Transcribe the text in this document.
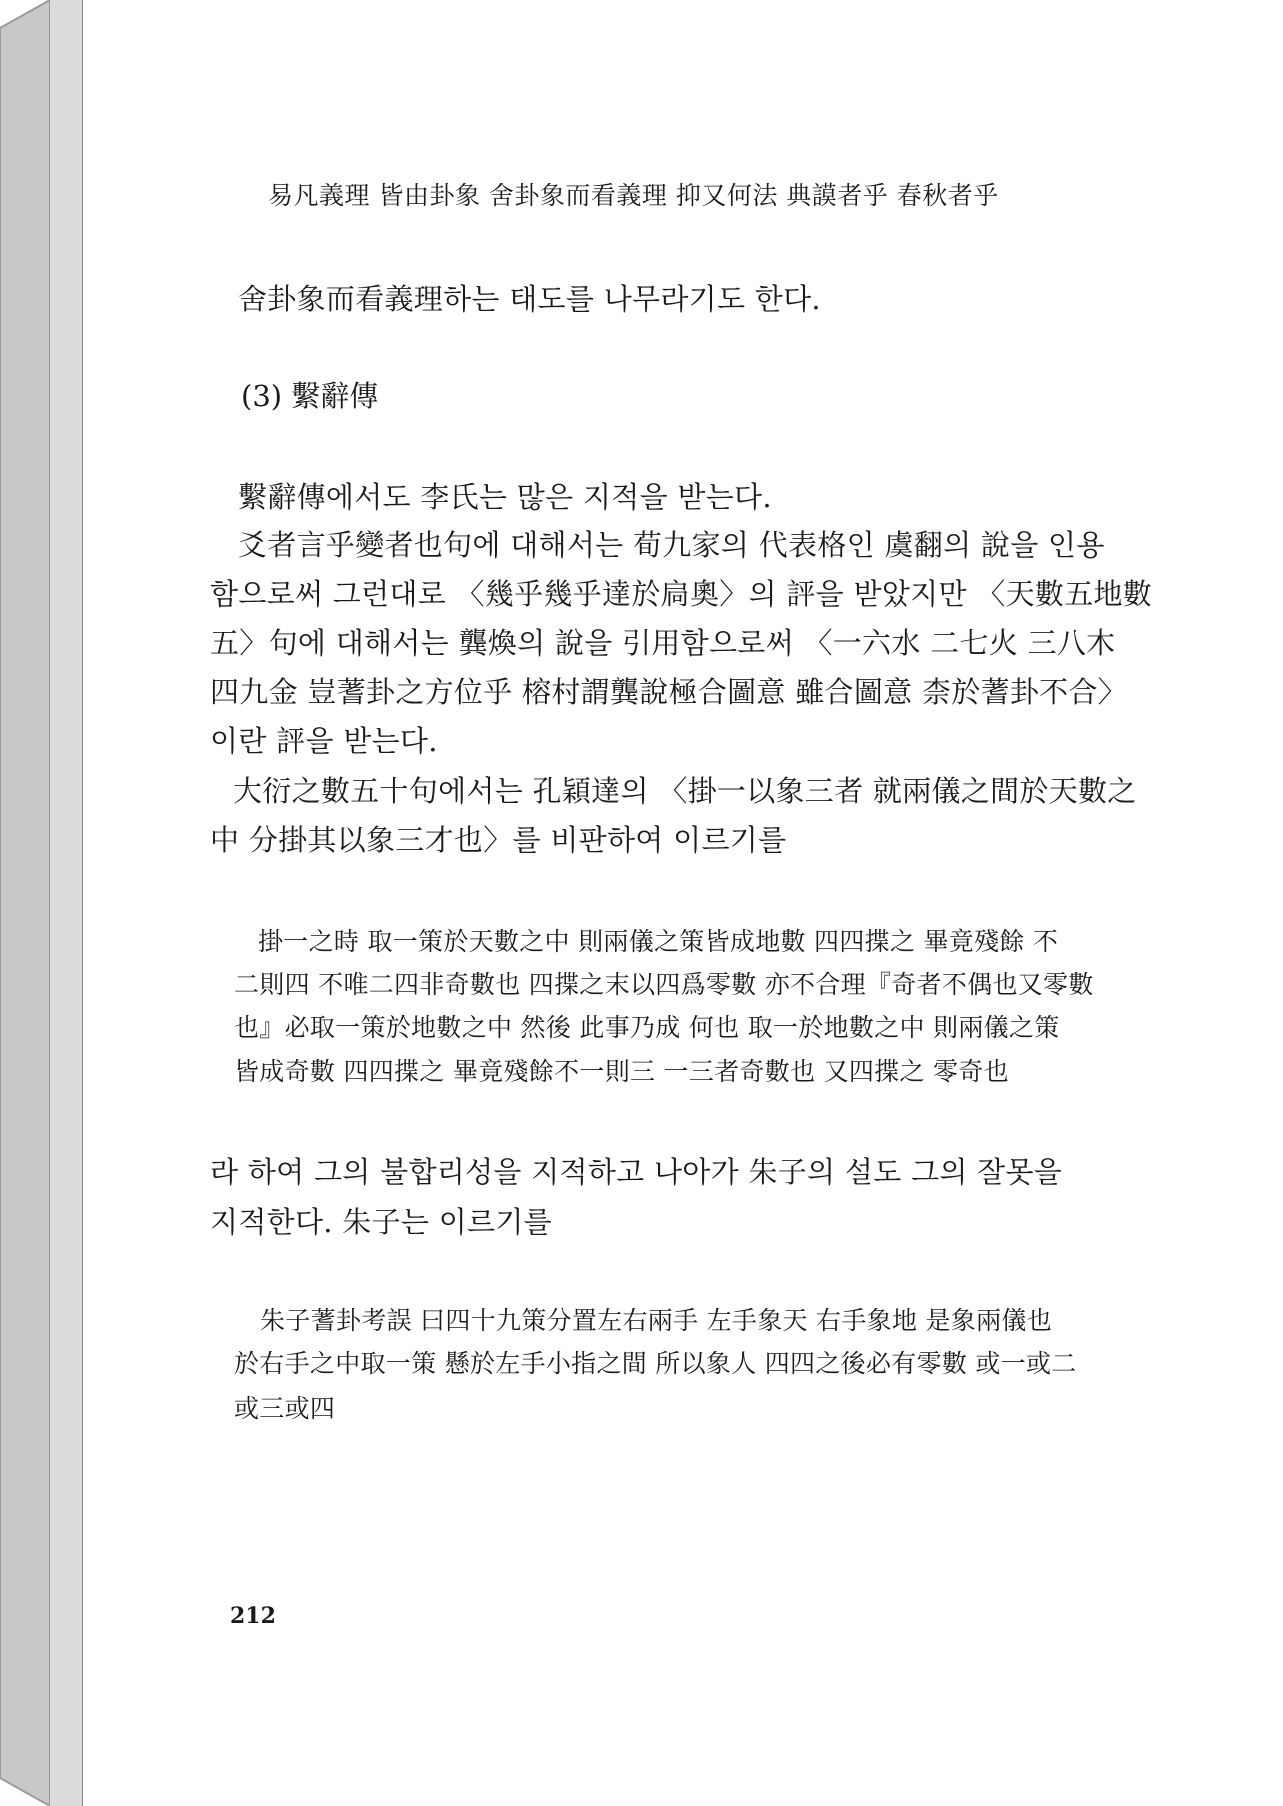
易凡義理 皆由卦象 舍卦象而看義理 抑又何法 典謨者乎 春秋者乎
舍卦象而看義理하는 태도를 나무라기도 한다.
(3) 繫辭傳
繫辭傳에서도 李氏는 많은 지적을 받는다.
爻者言乎變者也句에 대해서는 荀九家의 代表格인 虞翻의 說을 인용
함으로써 그런대로 〈幾乎幾乎達於扃奧〉의 評을 받았지만 〈天數五地數
五〉句에 대해서는 龔煥의 說을 引用함으로써 〈一六水 二七火 三八木
四九金 豈蓍卦之方位乎 榕村謂龔說極合圖意 雖合圖意 柰於蓍卦不合〉
이란 評을 받는다.
大衍之數五十句에서는 孔穎達의 〈掛一以象三者 就兩儀之間於天數之
中 分掛其以象三才也〉를 비판하여 이르기를
掛一之時 取一策於天數之中 則兩儀之策皆成地數 四四揲之 畢竟殘餘 不
二則四 不唯二四非奇數也 四揲之末以四爲零數 亦不合理『奇者不偶也又零數
也』必取一策於地數之中 然後 此事乃成 何也 取一於地數之中 則兩儀之策
皆成奇數 四四揲之 畢竟殘餘不一則三 一三者奇數也 又四揲之 零奇也
라 하여 그의 불합리성을 지적하고 나아가 朱子의 설도 그의 잘못을
지적한다. 朱子는 이르기를
朱子蓍卦考誤 曰四十九策分置左右兩手 左手象天 右手象地 是象兩儀也
於右手之中取一策 懸於左手小指之間 所以象人 四四之後必有零數 或一或二
或三或四
212
